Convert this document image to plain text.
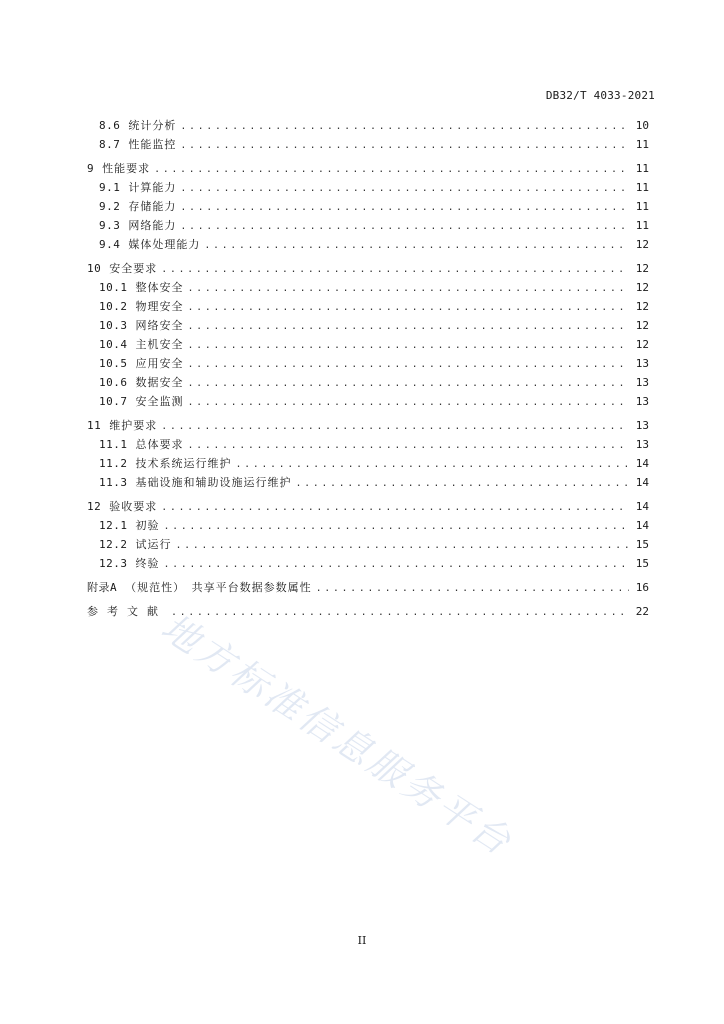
DB32/T 4033-2021
8.6 统计分析 .....	10
8.7 性能监控 .....	11
9 性能要求 .....	11
9.1 计算能力 .....	11
9.2 存储能力 .....	11
9.3 网络能力 .....	11
9.4 媒体处理能力 .....	12
10 安全要求 .....	12
10.1 整体安全 .....	12
10.2 物理安全 .....	12
10.3 网络安全 .....	12
10.4 主机安全 .....	12
10.5 应用安全 .....	13
10.6 数据安全 .....	13
10.7 安全监测 .....	13
11 维护要求 .....	13
11.1 总体要求 .....	13
11.2 技术系统运行维护 .....	14
11.3 基础设施和辅助设施运行维护 .....	14
12 验收要求 .....	14
12.1 初验 .....	14
12.2 试运行 .....	15
12.3 终验 .....	15
附录A （规范性）　共享平台数据参数属性 .....	16
参考文献 .....	22
地方标准信息服务平台
II
